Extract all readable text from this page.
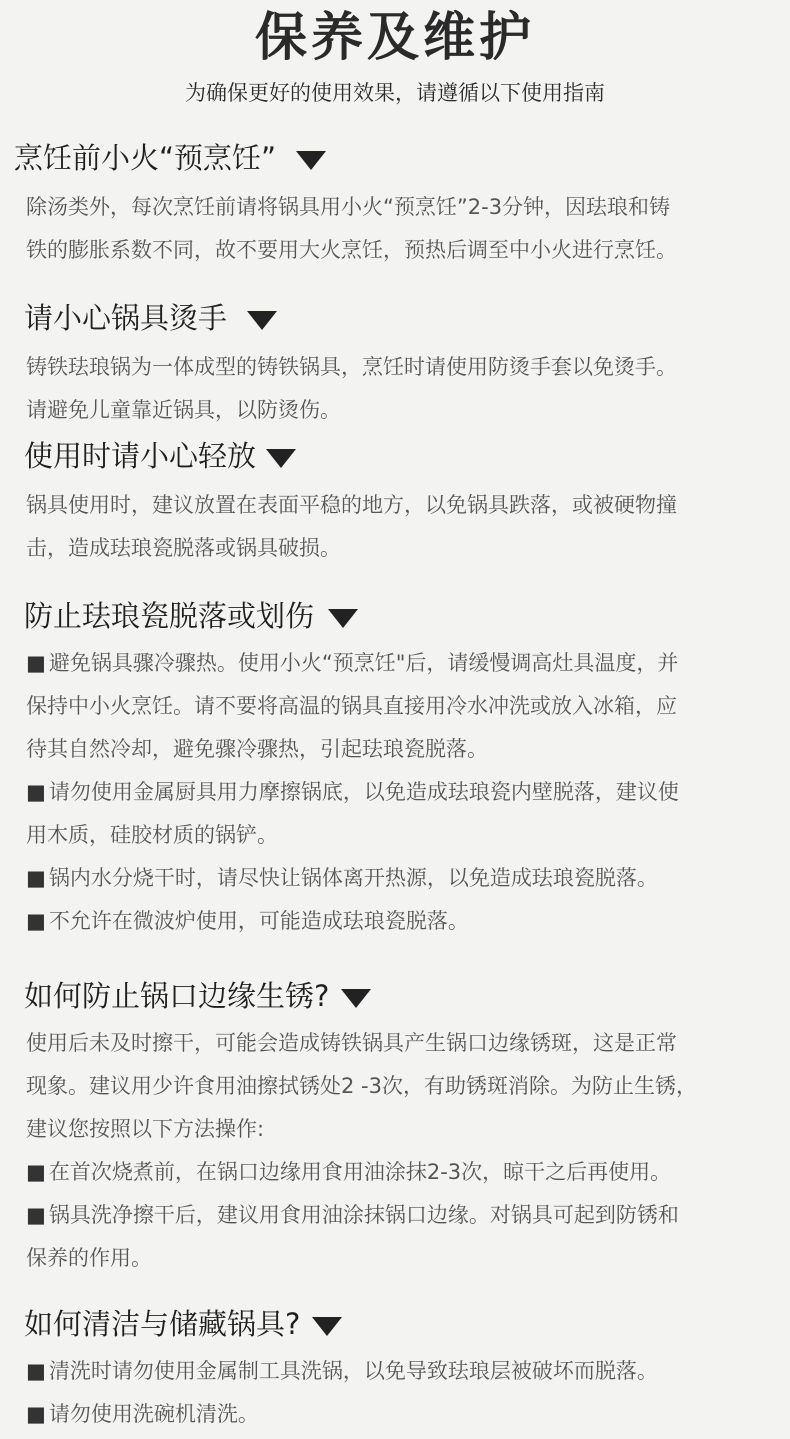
保养及维护
为确保更好的使用效果，请遵循以下使用指南
烹饪前小火“预烹饪”
除汤类外，每次烹饪前请将锅具用小火“预烹饪”2-3分钟，因珐琅和铸
铁的膨胀系数不同，故不要用大火烹饪，预热后调至中小火进行烹饪。
请小心锅具烫手
铸铁珐琅锅为一体成型的铸铁锅具，烹饪时请使用防烫手套以免烫手。
请避免儿童靠近锅具，以防烫伤。
使用时请小心轻放
锅具使用时，建议放置在表面平稳的地方，以免锅具跌落，或被硬物撞
击，造成珐琅瓷脱落或锅具破损。
防止珐琅瓷脱落或划伤
■ 避免锅具骤冷骤热。使用小火“预烹饪"后，请缓慢调高灶具温度，并
保持中小火烹饪。请不要将高温的锅具直接用冷水冲洗或放入冰箱，应
待其自然冷却，避免骤冷骤热，引起珐琅瓷脱落。
■ 请勿使用金属厨具用力摩擦锅底，以免造成珐琅瓷内壁脱落，建议使
用木质，硅胶材质的锅铲。
■ 锅内水分烧干时，请尽快让锅体离开热源，以免造成珐琅瓷脱落。
■ 不允许在微波炉使用，可能造成珐琅瓷脱落。
如何防止锅口边缘生锈?
使用后未及时擦干，可能会造成铸铁锅具产生锅口边缘锈斑，这是正常
现象。建议用少许食用油擦拭锈处2 -3次，有助锈斑消除。为防止生锈，
建议您按照以下方法操作:
■ 在首次烧煮前，在锅口边缘用食用油涂抹2-3次，晾干之后再使用。
■ 锅具洗净擦干后，建议用食用油涂抹锅口边缘。对锅具可起到防锈和
保养的作用。
如何清洁与储藏锅具?
■ 清洗时请勿使用金属制工具洗锅，以免导致珐琅层被破坏而脱落。
■ 请勿使用洗碗机清洗。
